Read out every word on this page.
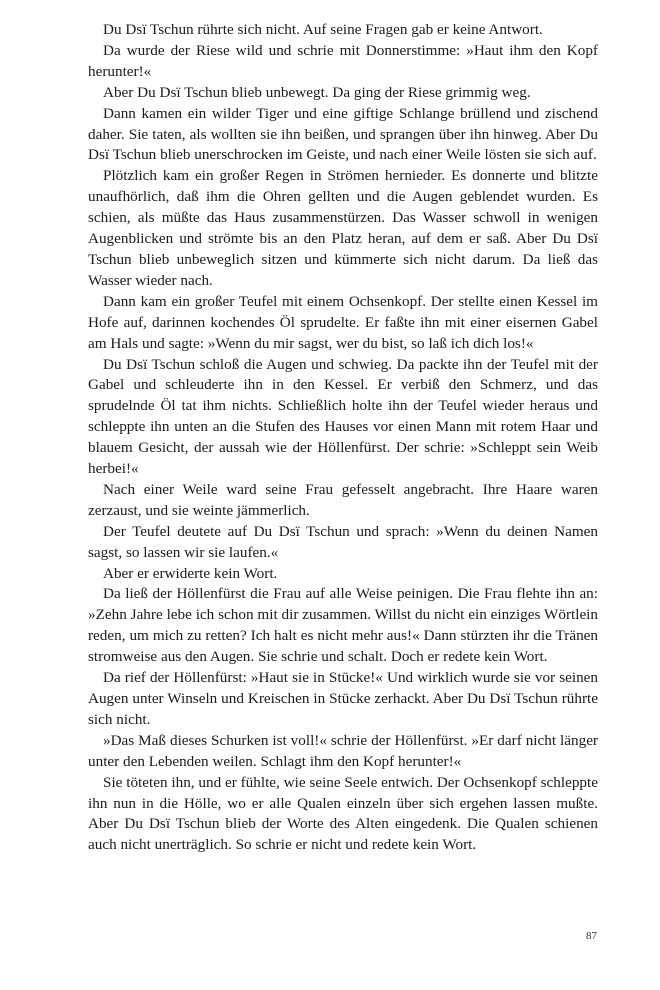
Du Dsï Tschun rührte sich nicht. Auf seine Fragen gab er keine Antwort.

Da wurde der Riese wild und schrie mit Donnerstimme: »Haut ihm den Kopf herunter!«

Aber Du Dsï Tschun blieb unbewegt. Da ging der Riese grimmig weg.

Dann kamen ein wilder Tiger und eine giftige Schlange brüllend und zischend daher. Sie taten, als wollten sie ihn beißen, und sprangen über ihn hinweg. Aber Du Dsï Tschun blieb unerschrocken im Geiste, und nach einer Weile lösten sie sich auf.

Plötzlich kam ein großer Regen in Strömen hernieder. Es donnerte und blitzte unaufhörlich, daß ihm die Ohren gellten und die Augen geblendet wurden. Es schien, als müßte das Haus zusammenstürzen. Das Wasser schwoll in wenigen Augenblicken und strömte bis an den Platz heran, auf dem er saß. Aber Du Dsï Tschun blieb unbeweglich sitzen und kümmerte sich nicht darum. Da ließ das Wasser wieder nach.

Dann kam ein großer Teufel mit einem Ochsenkopf. Der stellte einen Kessel im Hofe auf, darinnen kochendes Öl sprudelte. Er faßte ihn mit einer eisernen Gabel am Hals und sagte: »Wenn du mir sagst, wer du bist, so laß ich dich los!«

Du Dsï Tschun schloß die Augen und schwieg. Da packte ihn der Teufel mit der Gabel und schleuderte ihn in den Kessel. Er verbiß den Schmerz, und das sprudelnde Öl tat ihm nichts. Schließlich holte ihn der Teufel wieder heraus und schleppte ihn unten an die Stufen des Hauses vor einen Mann mit rotem Haar und blauem Gesicht, der aussah wie der Höllenfürst. Der schrie: »Schleppt sein Weib herbei!«

Nach einer Weile ward seine Frau gefesselt angebracht. Ihre Haare waren zerzaust, und sie weinte jämmerlich.

Der Teufel deutete auf Du Dsï Tschun und sprach: »Wenn du deinen Namen sagst, so lassen wir sie laufen.«

Aber er erwiderte kein Wort.

Da ließ der Höllenfürst die Frau auf alle Weise peinigen. Die Frau flehte ihn an: »Zehn Jahre lebe ich schon mit dir zusammen. Willst du nicht ein einziges Wörtlein reden, um mich zu retten? Ich halt es nicht mehr aus!« Dann stürzten ihr die Tränen stromweise aus den Augen. Sie schrie und schalt. Doch er redete kein Wort.

Da rief der Höllenfürst: »Haut sie in Stücke!« Und wirklich wurde sie vor seinen Augen unter Winseln und Kreischen in Stücke zerhackt. Aber Du Dsï Tschun rührte sich nicht.

»Das Maß dieses Schurken ist voll!« schrie der Höllenfürst. »Er darf nicht länger unter den Lebenden weilen. Schlagt ihm den Kopf herunter!«

Sie töteten ihn, und er fühlte, wie seine Seele entwich. Der Ochsenkopf schleppte ihn nun in die Hölle, wo er alle Qualen einzeln über sich ergehen lassen mußte. Aber Du Dsï Tschun blieb der Worte des Alten eingedenk. Die Qualen schienen auch nicht unerträglich. So schrie er nicht und redete kein Wort.

87
